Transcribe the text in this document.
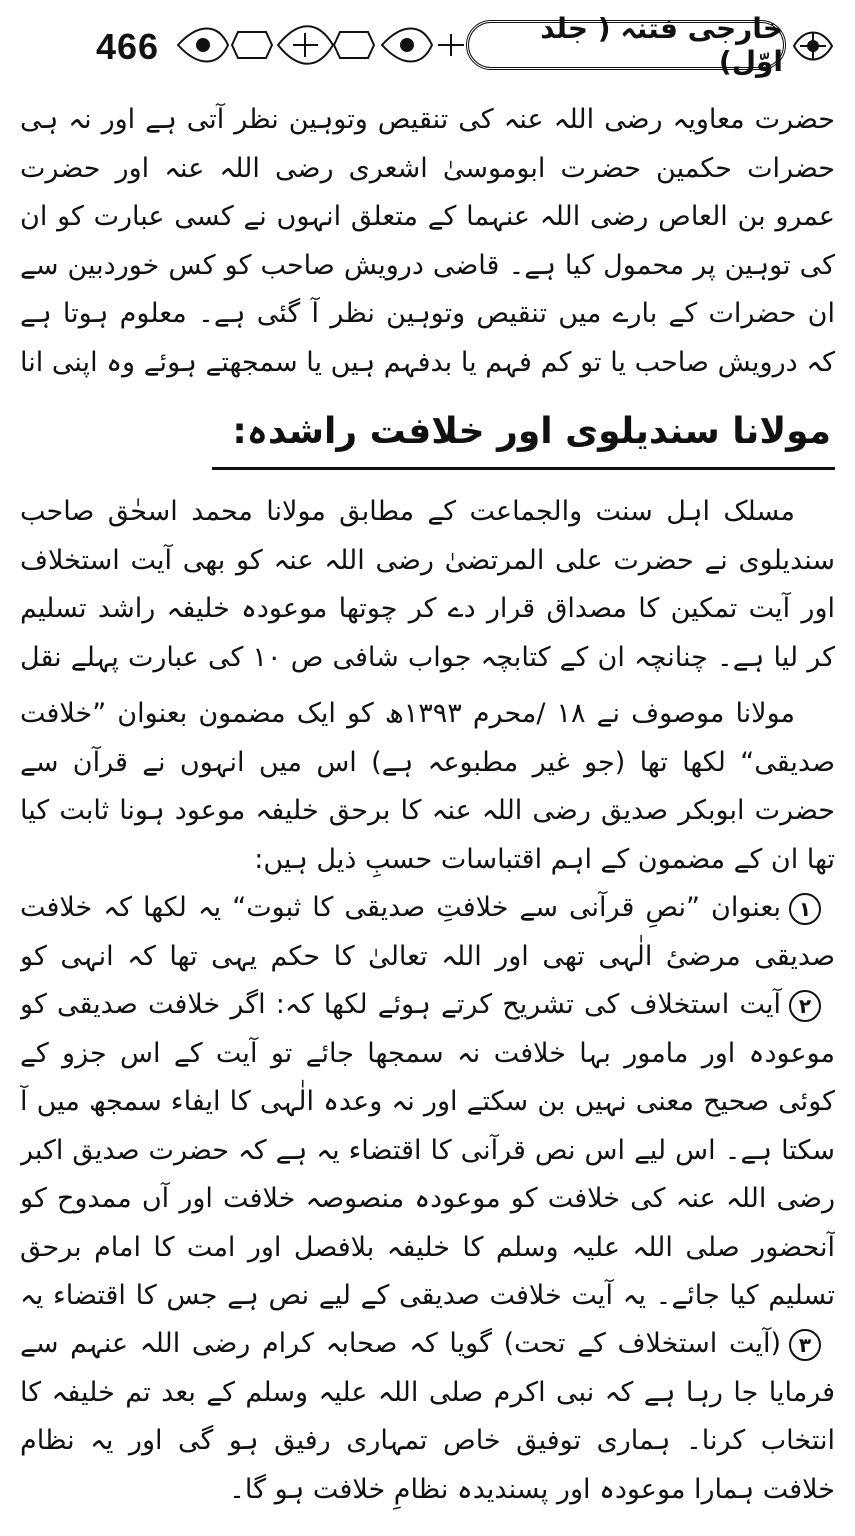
466	خارجی فتنہ ( جلد اوّل)

حضرت معاویہ رضی اللہ عنہ کی تنقیص وتوہین نظر آتی ہے اور نہ ہی حضرات حکمین حضرت ابوموسیٰ اشعری رضی اللہ عنہ اور حضرت عمرو بن العاص رضی اللہ عنہما کے متعلق انہوں نے کسی عبارت کو ان کی توہین پر محمول کیا ہے۔ قاضی درویش صاحب کو کس خوردبین سے ان حضرات کے بارے میں تنقیص وتوہین نظر آ گئی ہے۔ معلوم ہوتا ہے کہ درویش صاحب یا تو کم فہم یا بدفہم ہیں یا سمجھتے ہوئے وہ اپنی انا

مولانا سندیلوی اور خلافت راشدہ:

مسلک اہل سنت والجماعت کے مطابق مولانا محمد اسحٰق صاحب سندیلوی نے حضرت علی المرتضیٰ رضی اللہ عنہ کو بھی آیت استخلاف اور آیت تمکین کا مصداق قرار دے کر چوتھا موعودہ خلیفہ راشد تسلیم کر لیا ہے۔ چنانچہ ان کے کتابچہ جواب شافی ص ۱۰ کی عبارت پہلے نقل

مولانا موصوف نے ۱۸ /محرم ۱۳۹۳ھ کو ایک مضمون بعنوان ”خلافت صدیقی“ لکھا تھا (جو غیر مطبوعہ ہے) اس میں انہوں نے قرآن سے حضرت ابوبکر صدیق رضی اللہ عنہ کا برحق خلیفہ موعود ہونا ثابت کیا تھا ان کے مضمون کے اہم اقتباسات حسبِ ذیل ہیں:

۱بعنوان ”نصِ قرآنی سے خلافتِ صدیقی کا ثبوت“ یہ لکھا کہ خلافت صدیقی مرضیٔ الٰہی تھی اور اللہ تعالیٰ کا حکم یہی تھا کہ انہی کو

۲آیت استخلاف کی تشریح کرتے ہوئے لکھا کہ: اگر خلافت صدیقی کو موعودہ اور مامور بہا خلافت نہ سمجھا جائے تو آیت کے اس جزو کے کوئی صحیح معنی نہیں بن سکتے اور نہ وعدہ الٰہی کا ایفاء سمجھ میں آ سکتا ہے۔ اس لیے اس نص قرآنی کا اقتضاء یہ ہے کہ حضرت صدیق اکبر رضی اللہ عنہ کی خلافت کو موعودہ منصوصہ خلافت اور آں ممدوح کو آنحضور صلی اللہ علیہ وسلم کا خلیفہ بلافصل اور امت کا امام برحق تسلیم کیا جائے۔ یہ آیت خلافت صدیقی کے لیے نص ہے جس کا اقتضاء یہ

۳(آیت استخلاف کے تحت) گویا کہ صحابہ کرام رضی اللہ عنہم سے فرمایا جا رہا ہے کہ نبی اکرم صلی اللہ علیہ وسلم کے بعد تم خلیفہ کا انتخاب کرنا۔ ہماری توفیق خاص تمہاری رفیق ہو گی اور یہ نظام خلافت ہمارا موعودہ اور پسندیدہ نظامِ خلافت ہو گا۔
